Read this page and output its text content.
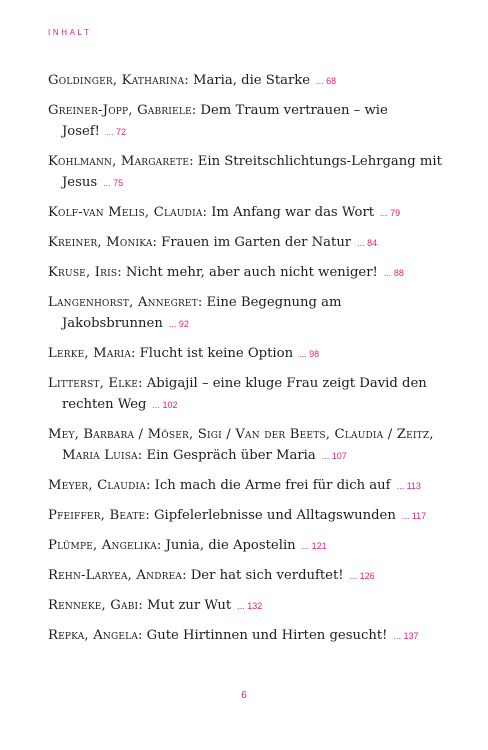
INHALT
Goldinger, Katharina: Maria, die Starke ... 68
Greiner-Jopp, Gabriele: Dem Traum vertrauen – wie Josef! ... 72
Kohlmann, Margarete: Ein Streitschlichtungs-Lehrgang mit Jesus ... 75
Kolf-van Melis, Claudia: Im Anfang war das Wort ... 79
Kreiner, Monika: Frauen im Garten der Natur ... 84
Kruse, Iris: Nicht mehr, aber auch nicht weniger! ... 88
Langenhorst, Annegret: Eine Begegnung am Jakobsbrunnen ... 92
Lerke, Maria: Flucht ist keine Option ... 98
Litterst, Elke: Abigajil – eine kluge Frau zeigt David den rechten Weg ... 102
Mey, Barbara / Möser, Sigi / Van der Beets, Claudia / Zeitz, Maria Luisa: Ein Gespräch über Maria ... 107
Meyer, Claudia: Ich mach die Arme frei für dich auf ... 113
Pfeiffer, Beate: Gipfelerlebnisse und Alltagswunden ... 117
Plümpe, Angelika: Junia, die Apostelin ... 121
Rehn-Laryea, Andrea: Der hat sich verduftet! ... 126
Renneke, Gabi: Mut zur Wut ... 132
Repka, Angela: Gute Hirtinnen und Hirten gesucht! ... 137
6
